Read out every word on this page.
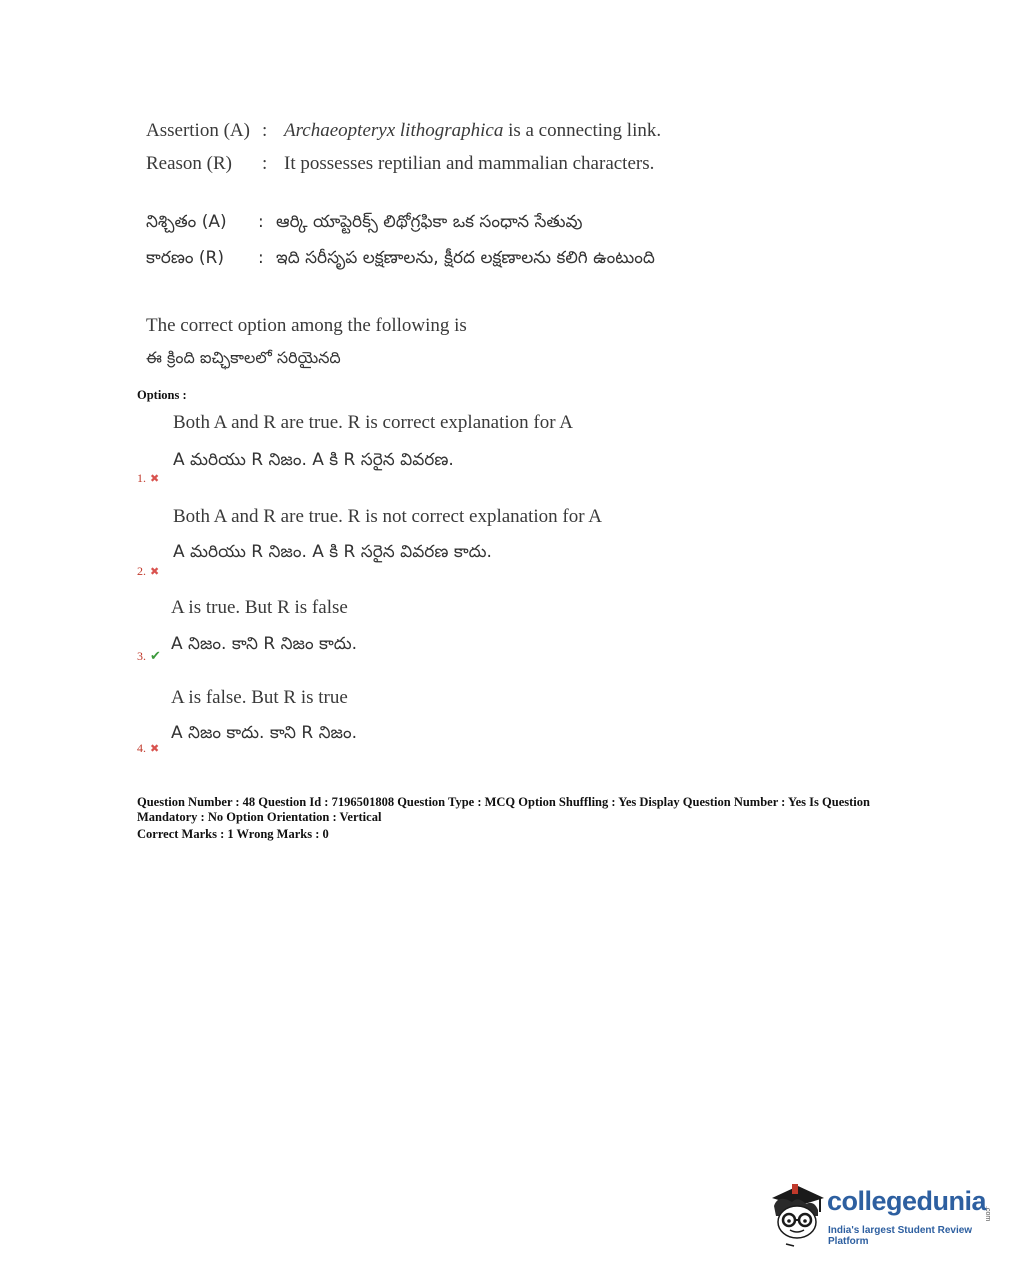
Assertion (A) : Archaeopteryx lithographica is a connecting link.
Reason (R) : It possesses reptilian and mammalian characters.
నిశ్చితం (A) : ఆర్కి యాప్టెరిక్స్ లిథోగ్రఫికా ఒక సంధాన సేతువు
కారణం (R) : ఇది సరీసృప లక్షణాలను, క్షీరద లక్షణాలను కలిగి ఉంటుంది
The correct option among the following is
ఈ క్రింది ఐచ్ఛికాలలో సరియైనది
Options :
Both A and R are true. R is correct explanation for A
A మరియు R నిజం. A కి R సరైన వివరణ.
1. ✖
Both A and R are true. R is not correct explanation for A
A మరియు R నిజం. A కి R సరైన వివరణ కాదు.
2. ✖
A is true. But R is false
A నిజం. కాని R నిజం కాదు.
3. ✔
A is false. But R is true
A నిజం కాదు. కాని R నిజం.
4. ✖
Question Number : 48 Question Id : 7196501808 Question Type : MCQ Option Shuffling : Yes Display Question Number : Yes Is Question
Mandatory : No Option Orientation : Vertical
Correct Marks : 1 Wrong Marks : 0
collegedunia
.com
India's largest Student Review Platform
